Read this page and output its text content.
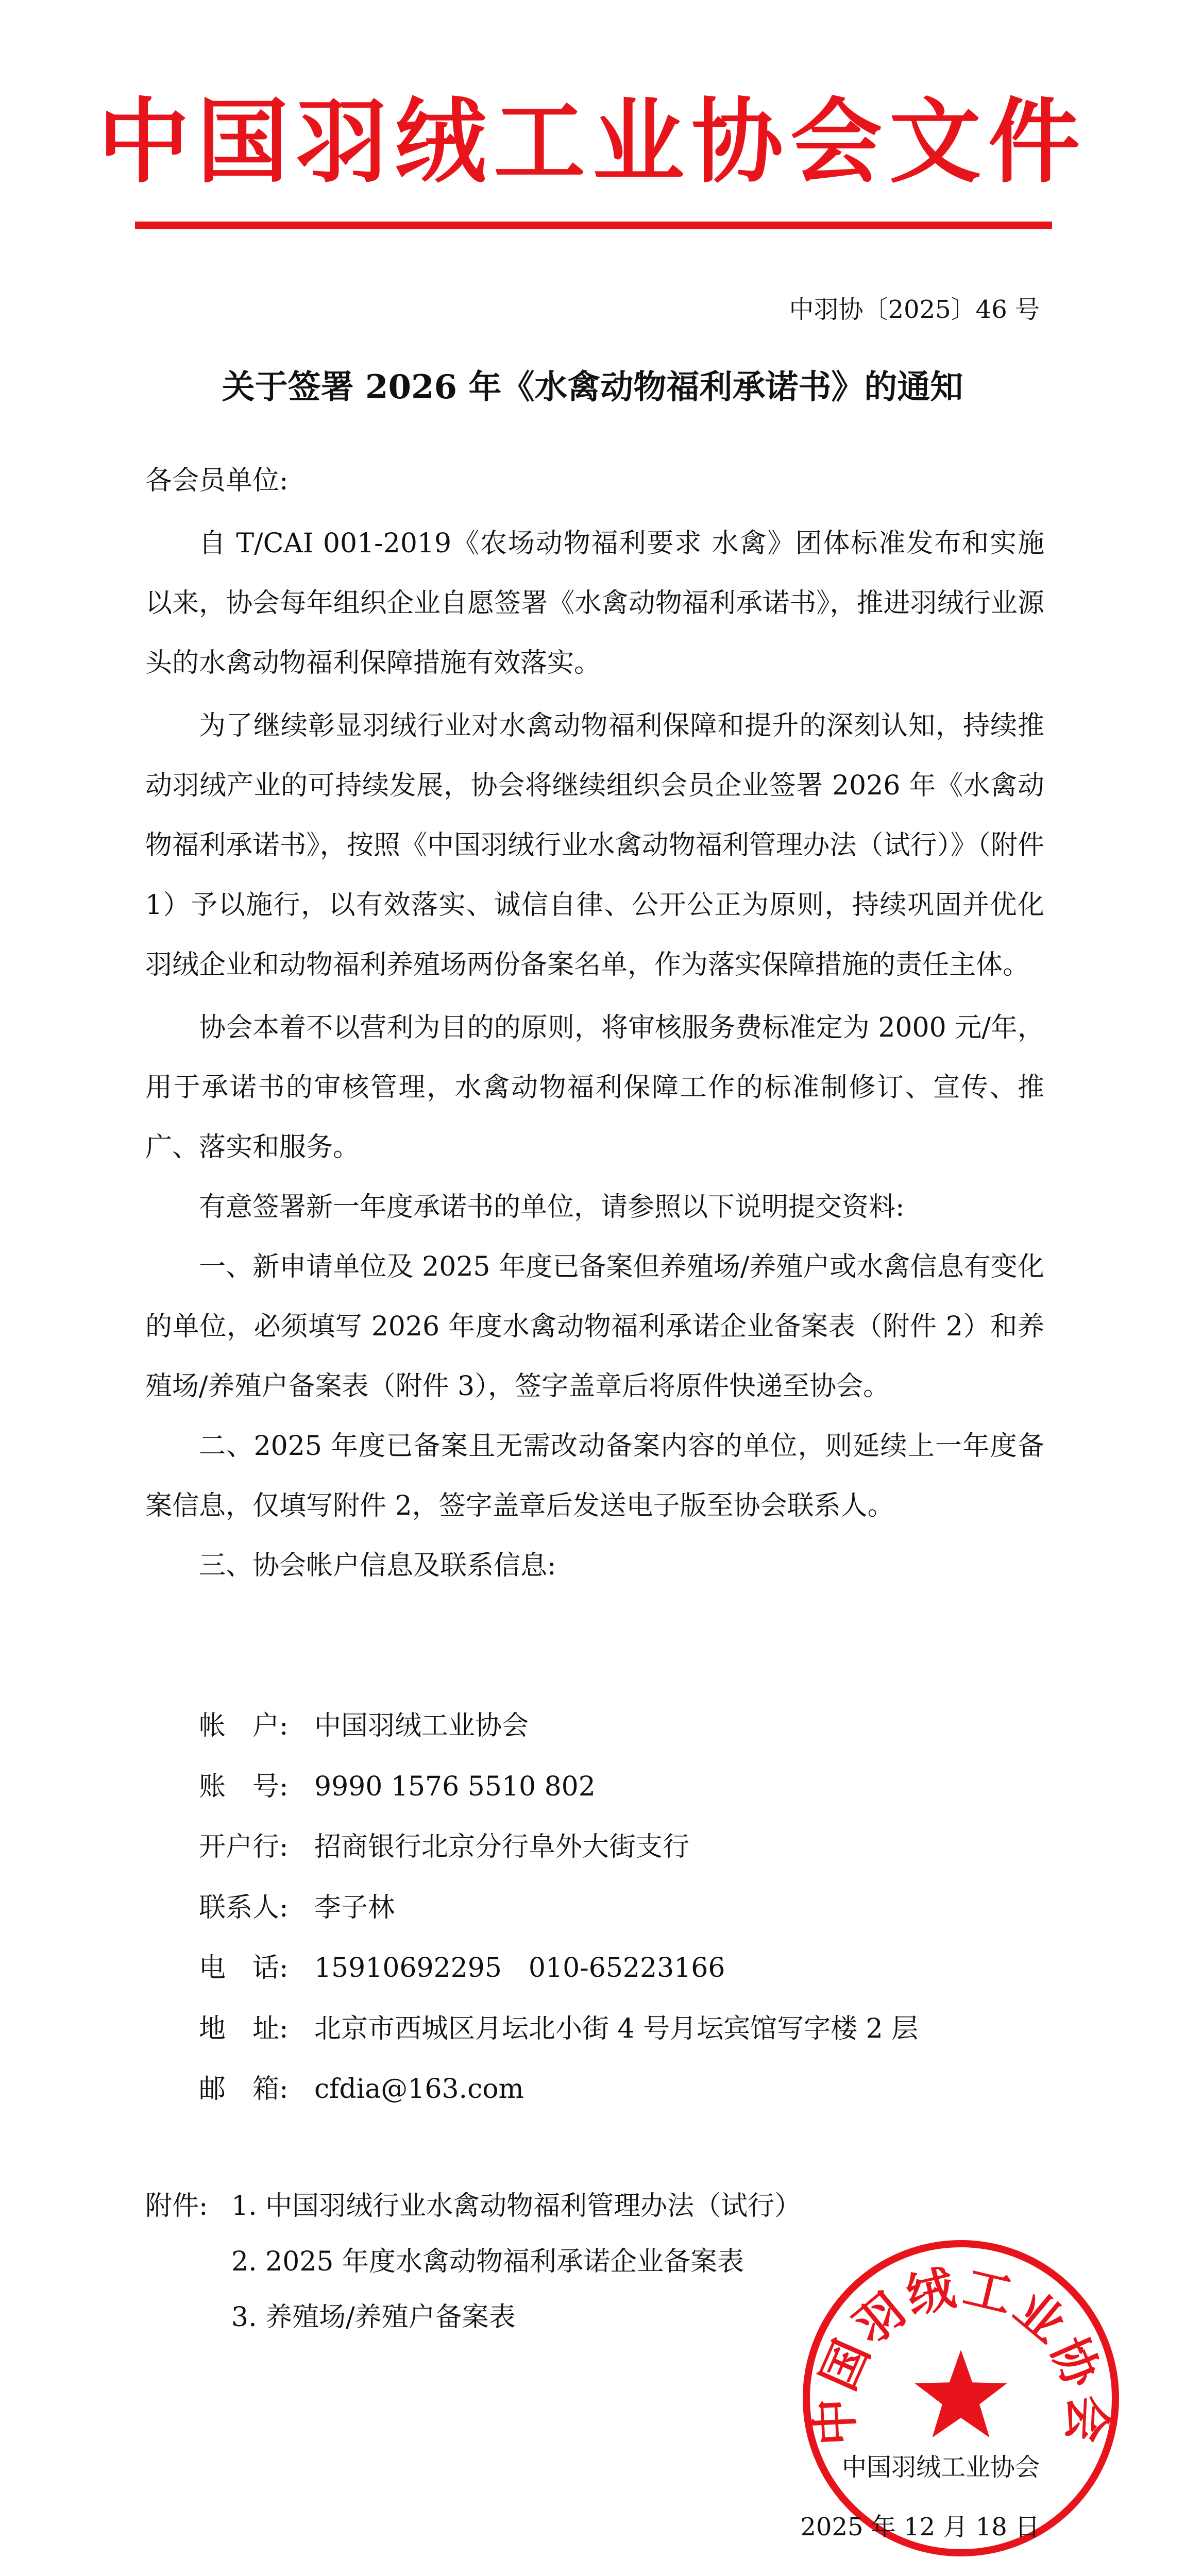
中国羽绒工业协会文件
中羽协〔2025〕46 号
关于签署 2026 年《水禽动物福利承诺书》的通知

各会员单位:

自 T/CAI 001-2019《农场动物福利要求 水禽》团体标准发布和实施以来，协会每年组织企业自愿签署《水禽动物福利承诺书》，推进羽绒行业源头的水禽动物福利保障措施有效落实。

为了继续彰显羽绒行业对水禽动物福利保障和提升的深刻认知，持续推动羽绒产业的可持续发展，协会将继续组织会员企业签署 2026 年《水禽动物福利承诺书》，按照《中国羽绒行业水禽动物福利管理办法（试行）》（附件 1）予以施行，以有效落实、诚信自律、公开公正为原则，持续巩固并优化羽绒企业和动物福利养殖场两份备案名单，作为落实保障措施的责任主体。

协会本着不以营利为目的的原则，将审核服务费标准定为 2000 元/年，用于承诺书的审核管理，水禽动物福利保障工作的标准制修订、宣传、推广、落实和服务。

有意签署新一年度承诺书的单位，请参照以下说明提交资料:

一、新申请单位及 2025 年度已备案但养殖场/养殖户或水禽信息有变化的单位，必须填写 2026 年度水禽动物福利承诺企业备案表（附件 2）和养殖场/养殖户备案表（附件 3），签字盖章后将原件快递至协会。

二、2025 年度已备案且无需改动备案内容的单位，则延续上一年度备案信息，仅填写附件 2，签字盖章后发送电子版至协会联系人。

三、协会帐户信息及联系信息:

帐　户: 中国羽绒工业协会
账　号: 9990 1576 5510 802
开户行: 招商银行北京分行阜外大街支行
联系人: 李子林
电　话: 15910692295　010-65223166
地　址: 北京市西城区月坛北小街 4 号月坛宾馆写字楼 2 层
邮　箱: cfdia@163.com
附件: 1. 中国羽绒行业水禽动物福利管理办法（试行）
2. 2025 年度水禽动物福利承诺企业备案表
3. 养殖场/养殖户备案表
中国羽绒工业协会
中国羽绒工业协会
2025 年 12 月 18 日
